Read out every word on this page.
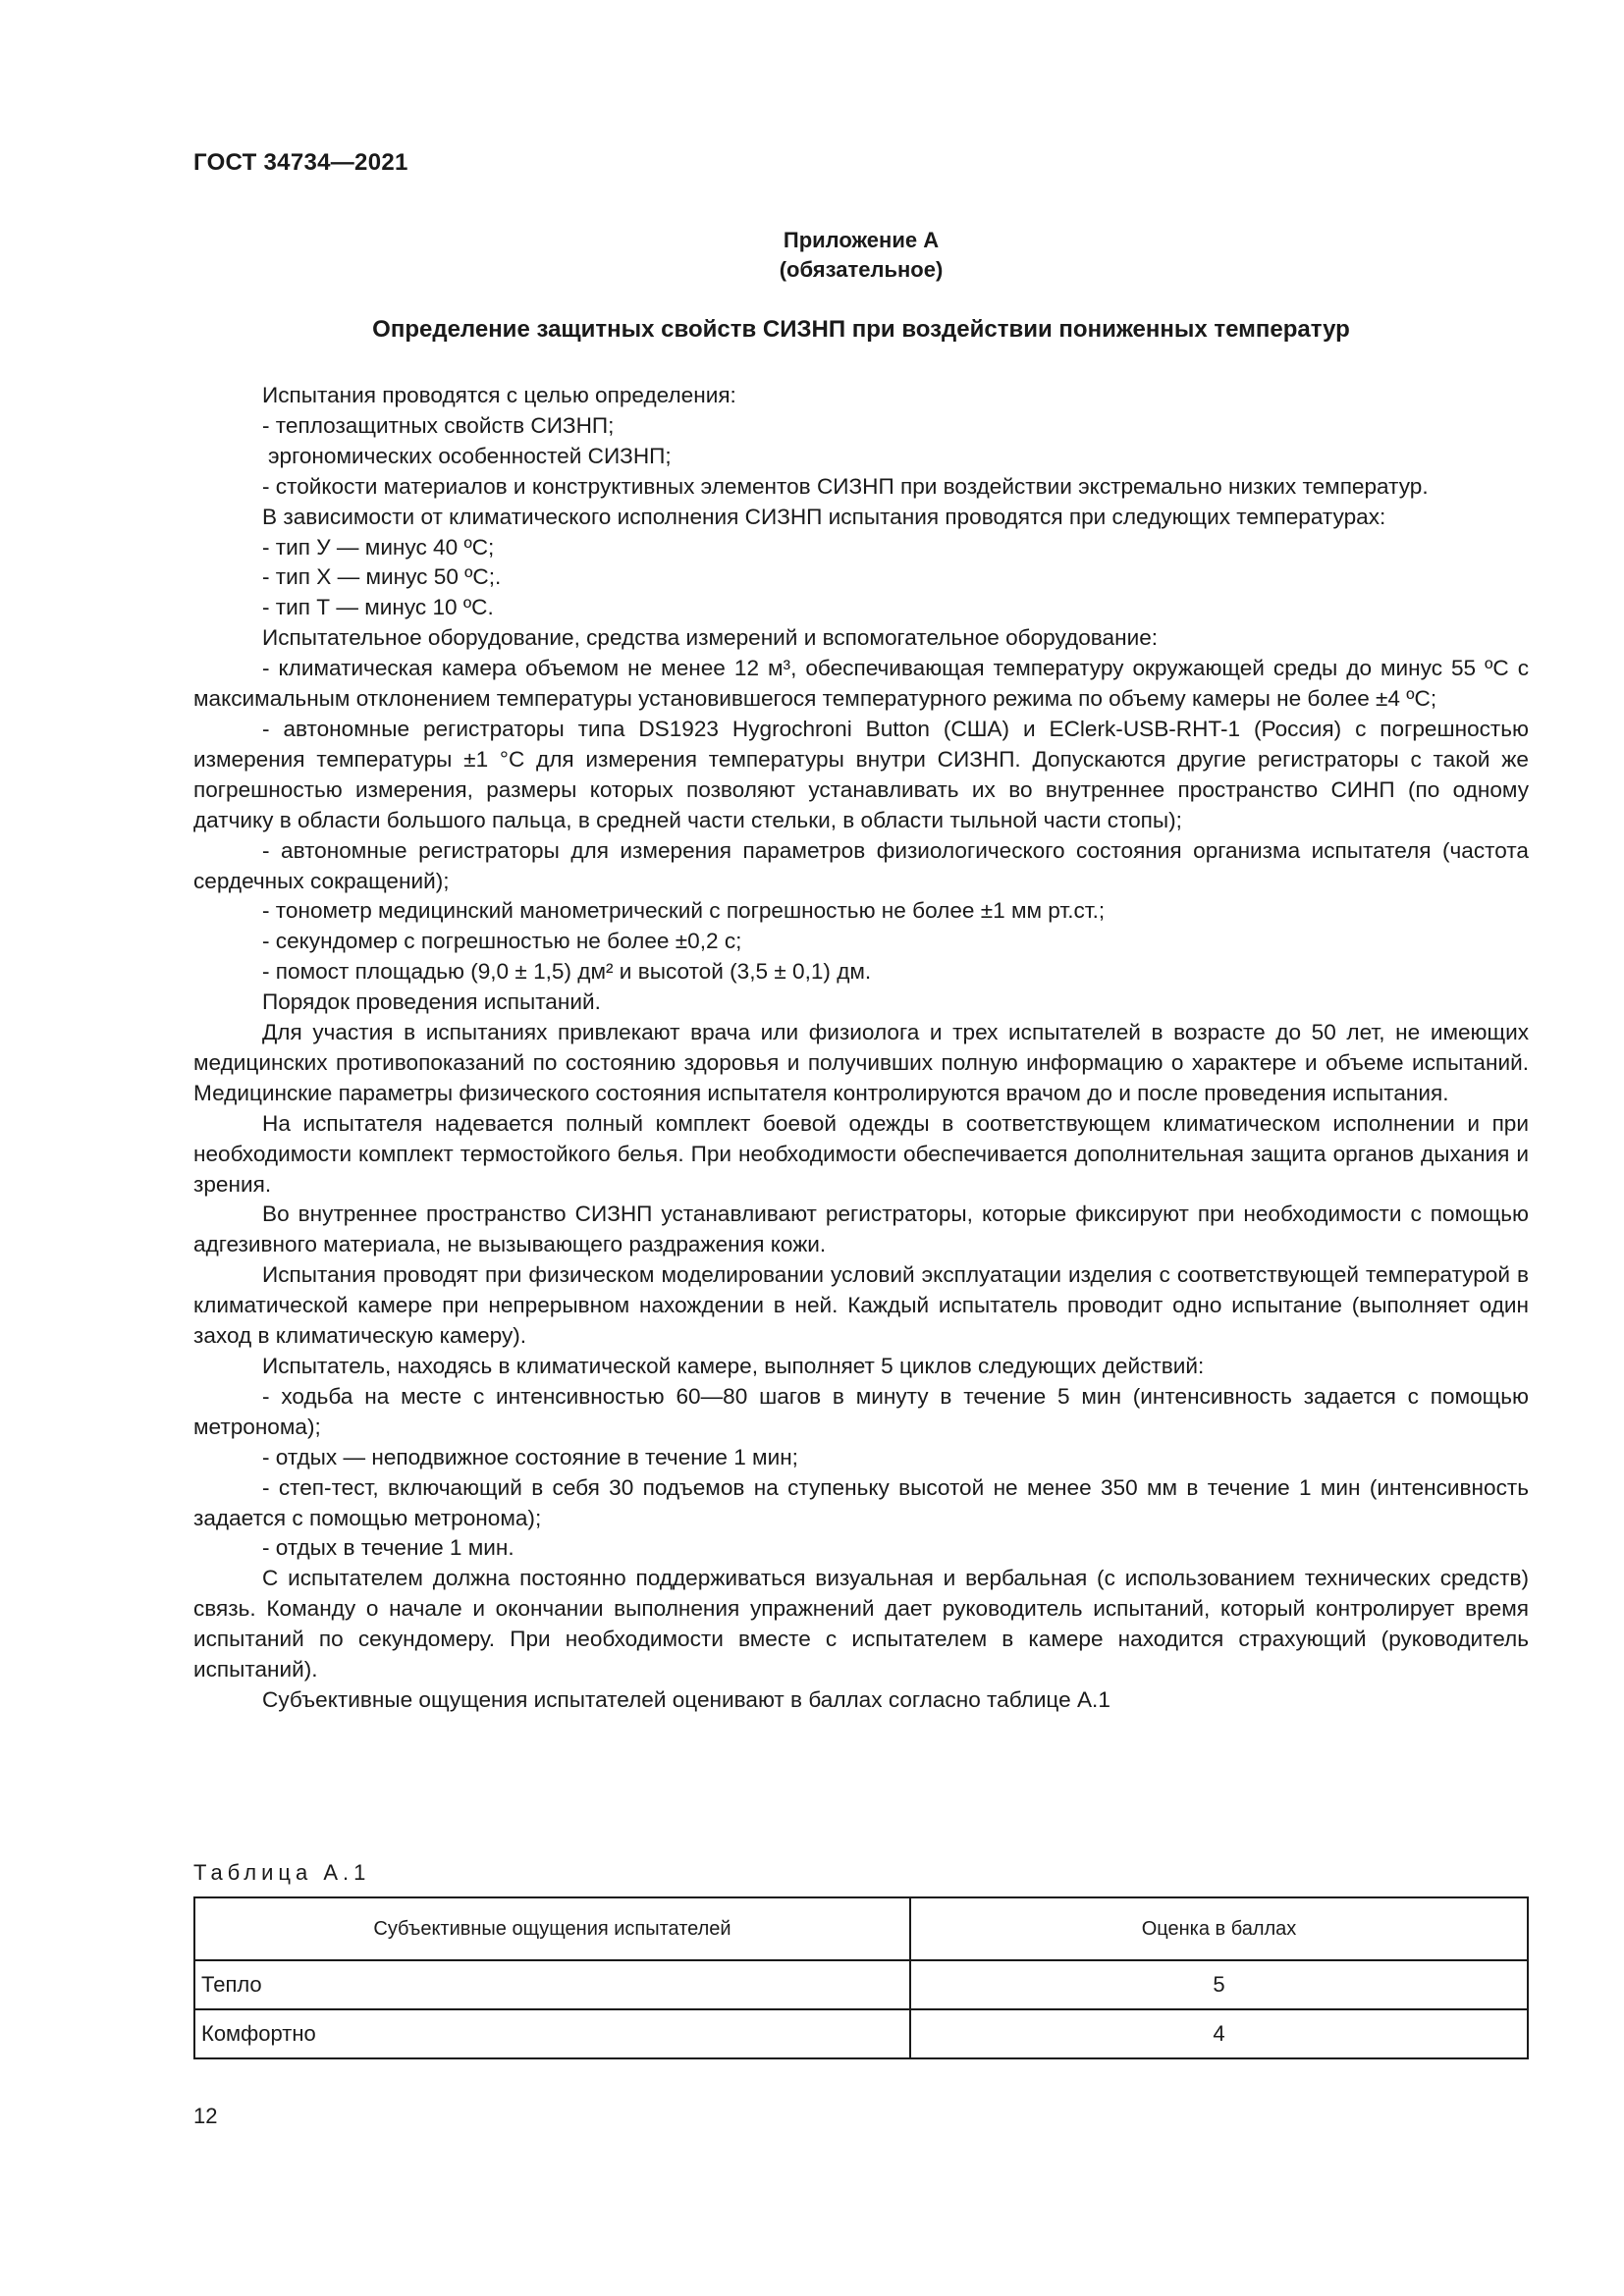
ГОСТ 34734—2021
Приложение А
(обязательное)
Определение защитных свойств СИЗНП при воздействии пониженных температур

Испытания проводятся с целью определения:

- теплозащитных свойств СИЗНП;

эргономических особенностей СИЗНП;

- стойкости материалов и конструктивных элементов СИЗНП при воздействии экстремально низких температур.

В зависимости от климатического исполнения СИЗНП испытания проводятся при следующих температурах:

- тип У — минус 40 ºС;

- тип Х — минус 50 ºС;.

- тип Т — минус 10 ºС.

Испытательное оборудование, средства измерений и вспомогательное оборудование:

- климатическая камера объемом не менее 12 м³, обеспечивающая температуру окружающей среды до минус 55 ºС с максимальным отклонением температуры установившегося температурного режима по объему камеры не более ±4 ºС;

- автономные регистраторы типа DS1923 Hygrochroni Button (США) и EClerk-USB-RHT-1 (Россия) с погрешностью измерения температуры ±1 °С для измерения температуры внутри СИЗНП. Допускаются другие регистраторы с такой же погрешностью измерения, размеры которых позволяют устанавливать их во внутреннее пространство СИНП (по одному датчику в области большого пальца, в средней части стельки, в области тыльной части стопы);

- автономные регистраторы для измерения параметров физиологического состояния организма испытателя (частота сердечных сокращений);

- тонометр медицинский манометрический с погрешностью не более ±1 мм рт.ст.;

- секундомер с погрешностью не более ±0,2 с;

- помост площадью (9,0 ± 1,5) дм² и высотой (3,5 ± 0,1) дм.

Порядок проведения испытаний.

Для участия в испытаниях привлекают врача или физиолога и трех испытателей в возрасте до 50 лет, не имеющих медицинских противопоказаний по состоянию здоровья и получивших полную информацию о характере и объеме испытаний. Медицинские параметры физического состояния испытателя контролируются врачом до и после проведения испытания.

На испытателя надевается полный комплект боевой одежды в соответствующем климатическом исполнении и при необходимости комплект термостойкого белья. При необходимости обеспечивается дополнительная защита органов дыхания и зрения.

Во внутреннее пространство СИЗНП устанавливают регистраторы, которые фиксируют при необходимости с помощью адгезивного материала, не вызывающего раздражения кожи.

Испытания проводят при физическом моделировании условий эксплуатации изделия с соответствующей температурой в климатической камере при непрерывном нахождении в ней. Каждый испытатель проводит одно испытание (выполняет один заход в климатическую камеру).

Испытатель, находясь в климатической камере, выполняет 5 циклов следующих действий:

- ходьба на месте с интенсивностью 60—80 шагов в минуту в течение 5 мин (интенсивность задается с помощью метронома);

- отдых — неподвижное состояние в течение 1 мин;

- степ-тест, включающий в себя 30 подъемов на ступеньку высотой не менее 350 мм в течение 1 мин (интенсивность задается с помощью метронома);

- отдых в течение 1 мин.

С испытателем должна постоянно поддерживаться визуальная и вербальная (с использованием технических средств) связь. Команду о начале и окончании выполнения упражнений дает руководитель испытаний, который контролирует время испытаний по секундомеру. При необходимости вместе с испытателем в камере находится страхующий (руководитель испытаний).

Субъективные ощущения испытателей оценивают в баллах согласно таблице А.1

Таблица А.1
Субъективные ощущения испытателей	Оценка в баллах
Тепло	5
Комфортно	4
12
